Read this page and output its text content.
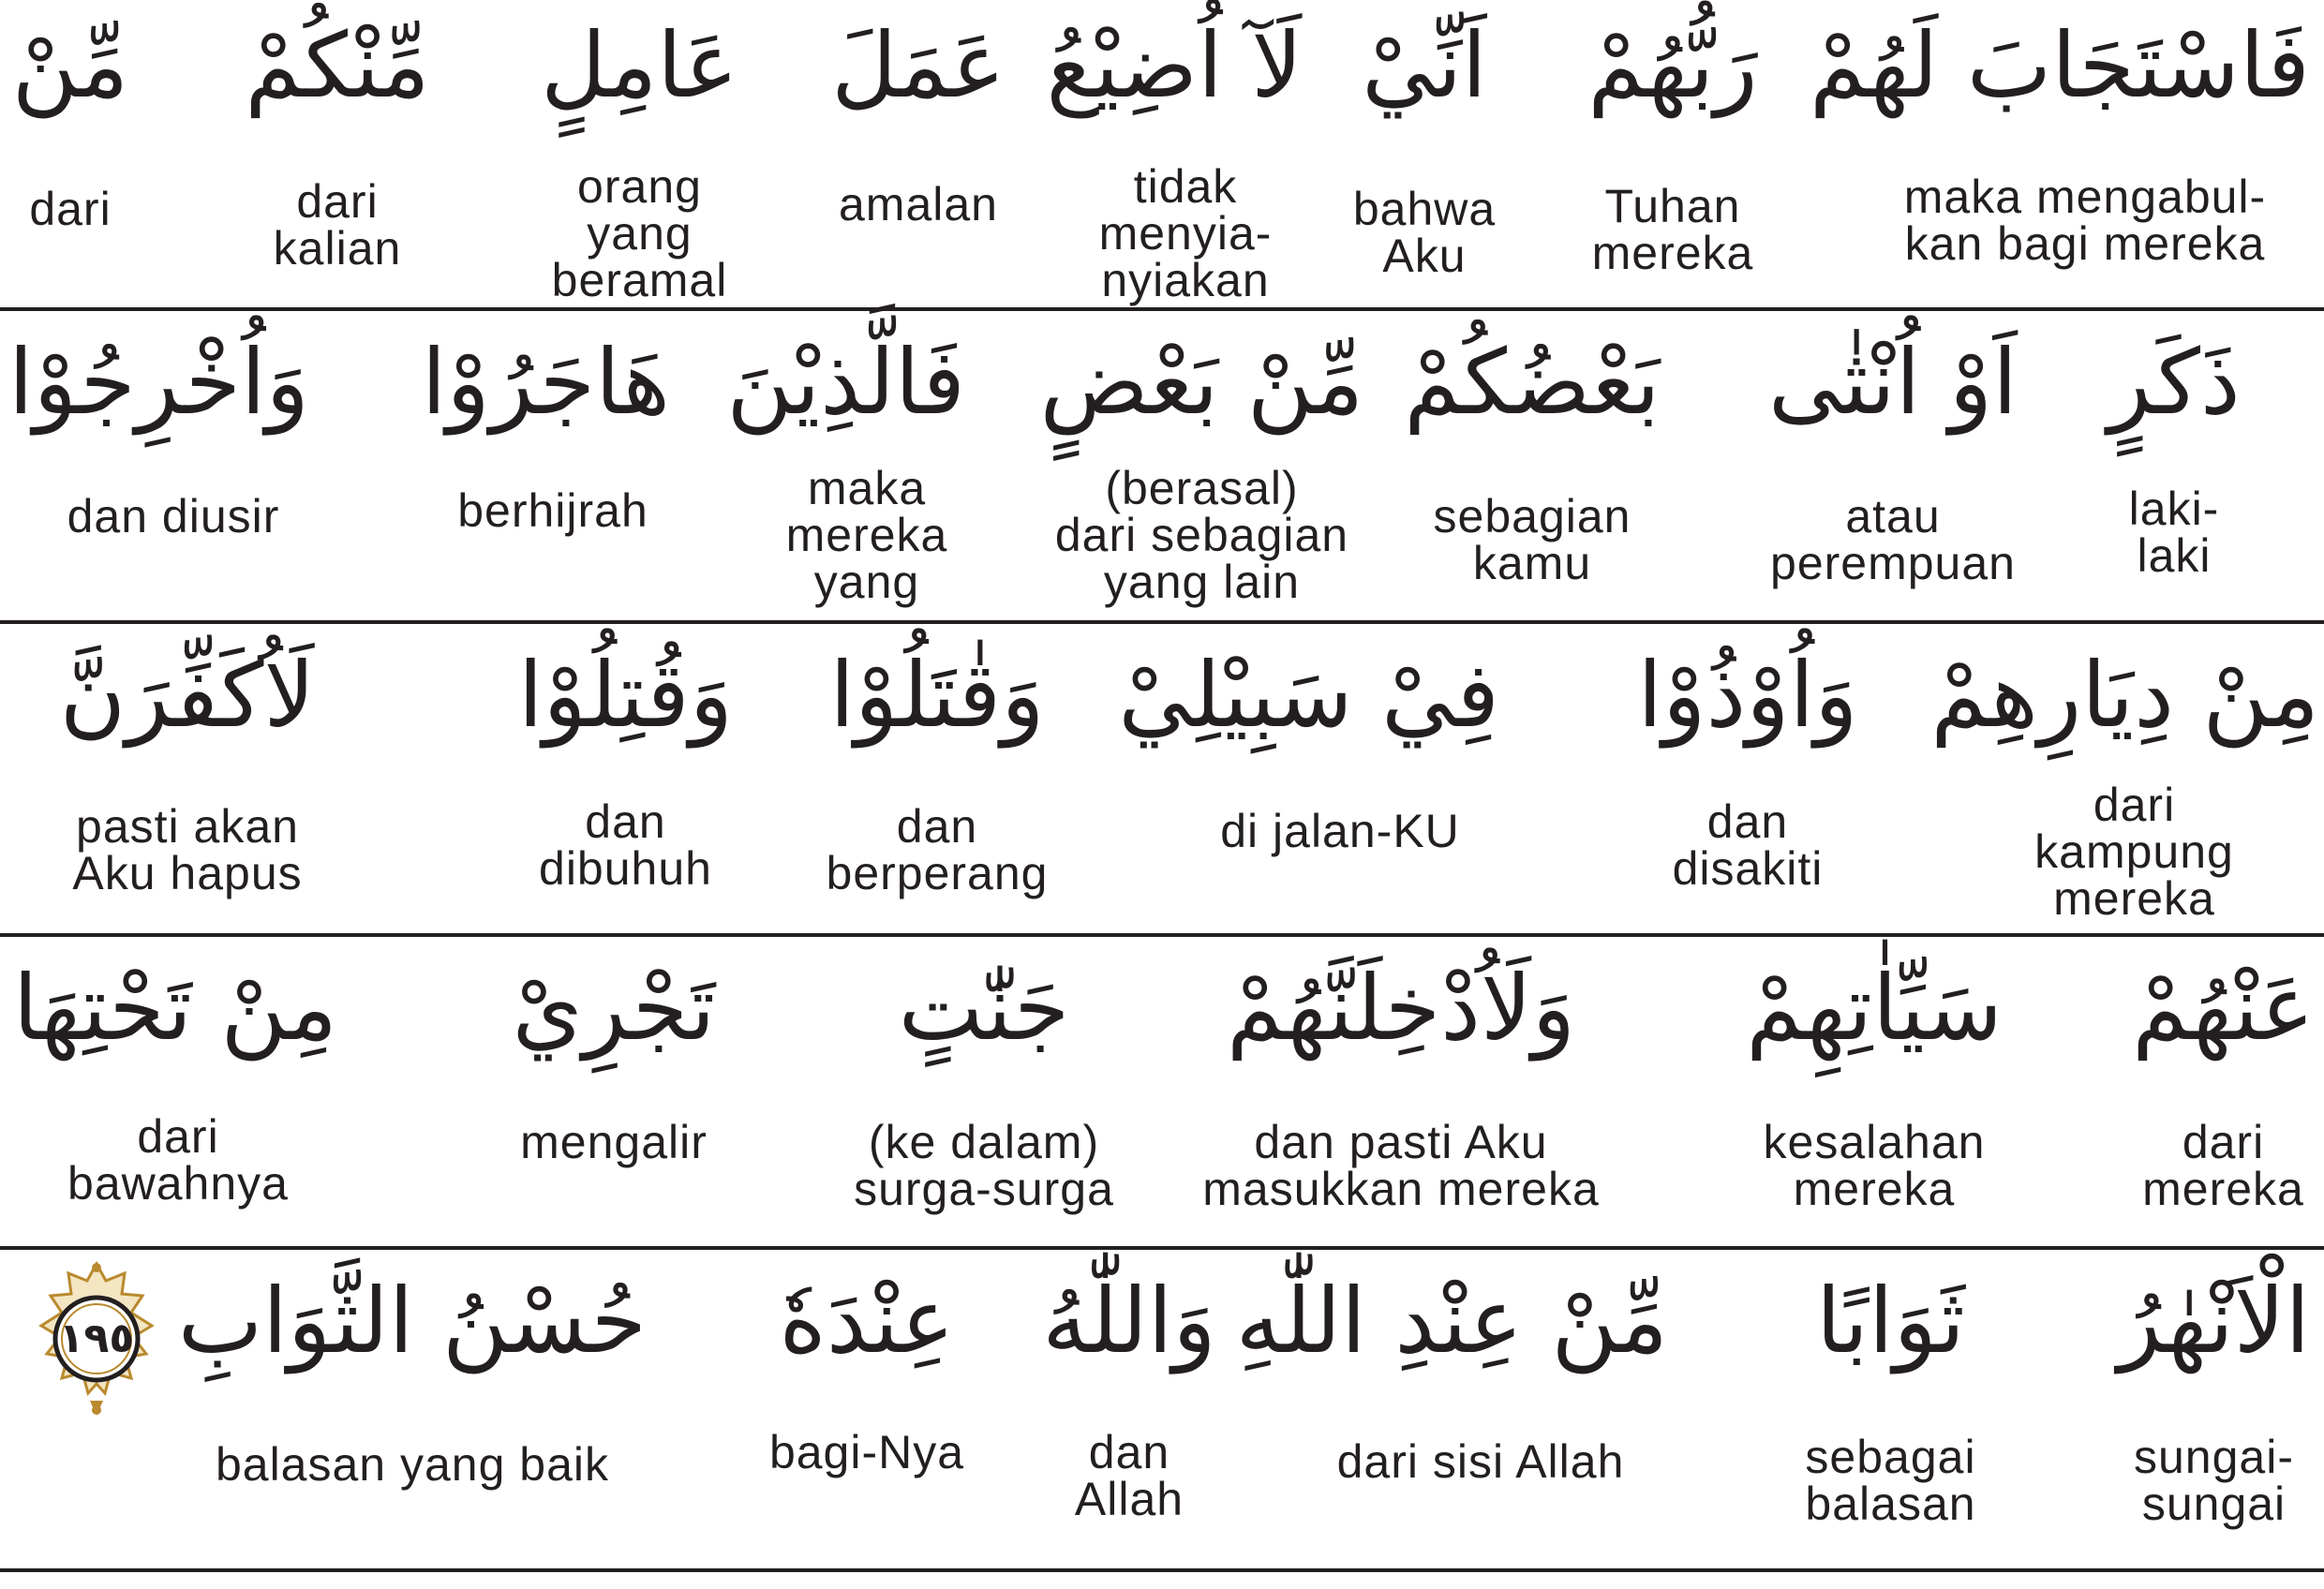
فَاسْتَجَابَ لَهُمْ
maka mengabul-
kan bagi mereka
رَبُّهُمْ
Tuhan
mereka
اَنِّيْ
bahwa
Aku
لَآ اُضِيْعُ
tidak
menyia-
nyiakan
عَمَلَ
amalan
عَامِلٍ
orang
yang
beramal
مِّنْكُمْ
dari
kalian
مِّنْ
dari
ذَكَرٍ
laki-
laki
اَوْ اُنْثٰى
atau
perempuan
بَعْضُكُمْ
sebagian
kamu
مِّنْ بَعْضٍ
(berasal)
dari sebagian
yang lain
فَالَّذِيْنَ
maka
mereka
yang
هَاجَرُوْا
berhijrah
وَاُخْرِجُوْا
dan diusir
مِنْ دِيَارِهِمْ
dari
kampung
mereka
وَاُوْذُوْا
dan
disakiti
فِيْ سَبِيْلِيْ
di jalan-KU
وَقٰتَلُوْا
dan
berperang
وَقُتِلُوْا
dan
dibuhuh
لَاُكَفِّرَنَّ
pasti akan
Aku hapus
عَنْهُمْ
dari
mereka
سَيِّاٰتِهِمْ
kesalahan
mereka
وَلَاُدْخِلَنَّهُمْ
dan pasti Aku
masukkan mereka
جَنّٰتٍ
(ke dalam)
surga-surga
تَجْرِيْ
mengalir
مِنْ تَحْتِهَا
dari
bawahnya
الْاَنْهٰرُ
sungai-
sungai
ثَوَابًا
sebagai
balasan
مِّنْ عِنْدِ اللّٰهِ
dari sisi Allah
وَاللّٰهُ
dan
Allah
عِنْدَهٗ
bagi-Nya
حُسْنُ الثَّوَابِ
balasan yang baik
١٩٥
